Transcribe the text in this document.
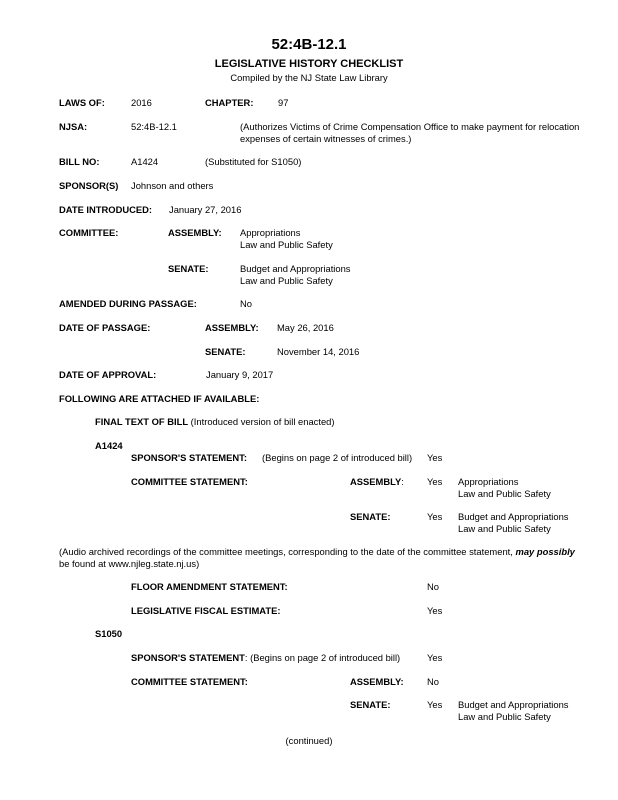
52:4B-12.1
LEGISLATIVE HISTORY CHECKLIST
Compiled by the NJ State Law Library
LAWS OF:	2016	CHAPTER:	97
NJSA:	52:4B-12.1	(Authorizes Victims of Crime Compensation Office to make payment for relocation
expenses of certain witnesses of crimes.)
BILL NO:	A1424	(Substituted for S1050)
SPONSOR(S) Johnson and others
DATE INTRODUCED: January 27, 2016
COMMITTEE:	ASSEMBLY: Appropriations
Law and Public Safety
SENATE:	Budget and Appropriations
Law and Public Safety
AMENDED DURING PASSAGE:	No
DATE OF PASSAGE:	ASSEMBLY: May 26, 2016
SENATE:	November 14, 2016
DATE OF APPROVAL:	January 9, 2017
FOLLOWING ARE ATTACHED IF AVAILABLE:
FINAL TEXT OF BILL (Introduced version of bill enacted)
A1424
SPONSOR'S STATEMENT: (Begins on page 2 of introduced bill) Yes
COMMITTEE STATEMENT:	ASSEMBLY: Yes Appropriations
Law and Public Safety
SENATE:	Yes Budget and Appropriations
Law and Public Safety
(Audio archived recordings of the committee meetings, corresponding to the date of the committee statement, may possibly
be found at www.njleg.state.nj.us)
FLOOR AMENDMENT STATEMENT:	No
LEGISLATIVE FISCAL ESTIMATE:	Yes
S1050
SPONSOR'S STATEMENT: (Begins on page 2 of introduced bill)	Yes
COMMITTEE STATEMENT:	ASSEMBLY: No
SENATE:	Yes Budget and Appropriations
Law and Public Safety
(continued)
